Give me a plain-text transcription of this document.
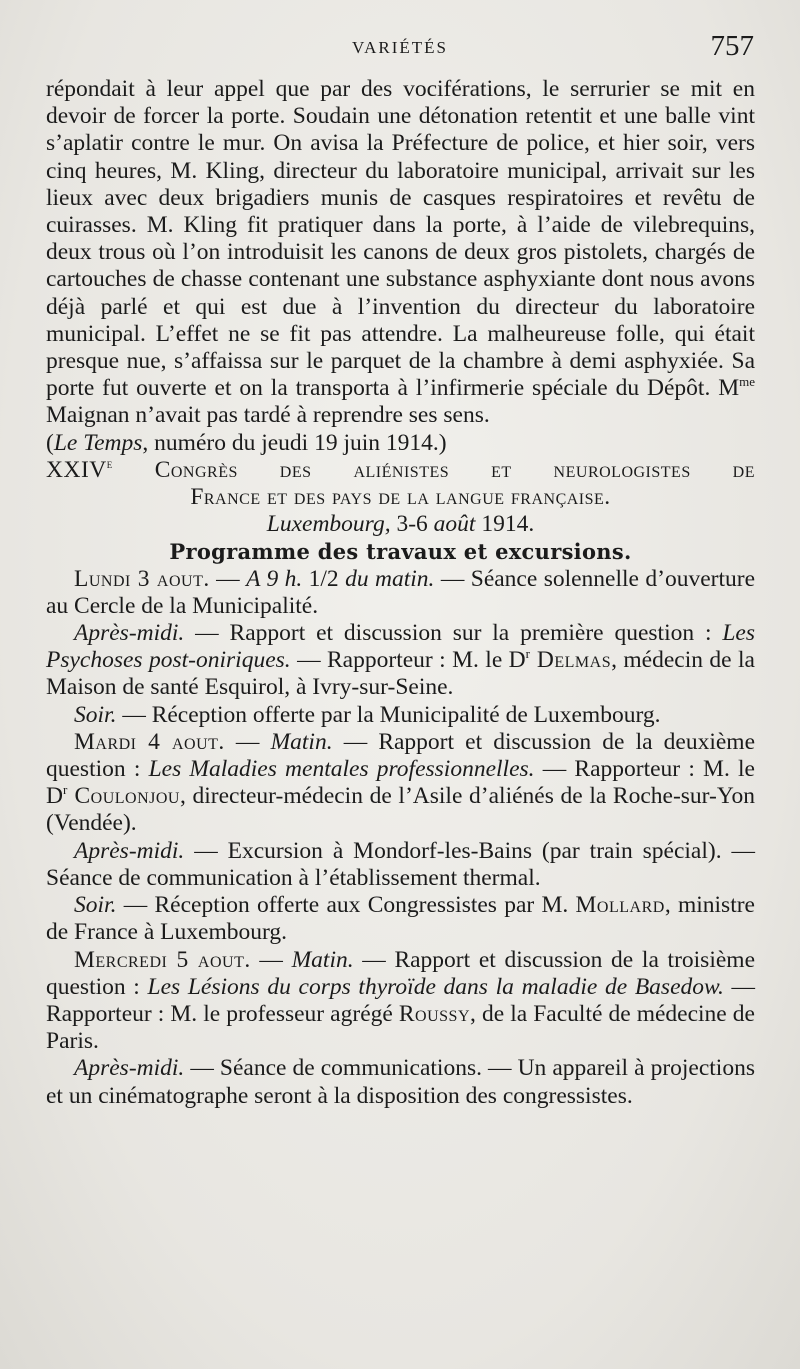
VARIÉTÉS	757

répondait à leur appel que par des vociférations, le serrurier se mit en devoir de forcer la porte. Soudain une détonation retentit et une balle vint s’aplatir contre le mur. On avisa la Préfecture de police, et hier soir, vers cinq heures, M. Kling, directeur du laboratoire municipal, arrivait sur les lieux avec deux brigadiers munis de casques respiratoires et revêtu de cuirasses. M. Kling fit pratiquer dans la porte, à l’aide de vilebrequins, deux trous où l’on introduisit les canons de deux gros pistolets, chargés de cartouches de chasse contenant une substance asphyxiante dont nous avons déjà parlé et qui est due à l’invention du directeur du laboratoire municipal. L’effet ne se fit pas attendre. La malheureuse folle, qui était presque nue, s’affaissa sur le parquet de la chambre à demi asphyxiée. Sa porte fut ouverte et on la transporta à l’infirmerie spéciale du Dépôt. $M^{me}$ Maignan n’avait pas tardé à reprendre ses sens.

(Le Temps, numéro du jeudi 19 juin 1914.)

XXIVe Congrès des aliénistes et neurologistes de

France et des pays de la langue française.

Luxembourg, 3-6 août 1914.

Programme des travaux et excursions.

Lundi 3 aout. — A 9 h. 1/2 du matin. — Séance solennelle d’ouverture au Cercle de la Municipalité.

Après-midi. — Rapport et discussion sur la première question : Les Psychoses post-oniriques. — Rapporteur : M. le $D^r$ Delmas, médecin de la Maison de santé Esquirol, à Ivry-sur-Seine.

Soir. — Réception offerte par la Municipalité de Luxembourg.

Mardi 4 aout. — Matin. — Rapport et discussion de la deuxième question : Les Maladies mentales professionnelles. — Rapporteur : M. le $D^r$ Coulonjou, directeur-médecin de l’Asile d’aliénés de la Roche-sur-Yon (Vendée).

Après-midi. — Excursion à Mondorf-les-Bains (par train spécial). — Séance de communication à l’établissement thermal.

Soir. — Réception offerte aux Congressistes par M. Mollard, ministre de France à Luxembourg.

Mercredi 5 aout. — Matin. — Rapport et discussion de la troisième question : Les Lésions du corps thyroïde dans la maladie de Basedow. — Rapporteur : M. le professeur agrégé Roussy, de la Faculté de médecine de Paris.

Après-midi. — Séance de communications. — Un appareil à projections et un cinématographe seront à la disposition des congressistes.
